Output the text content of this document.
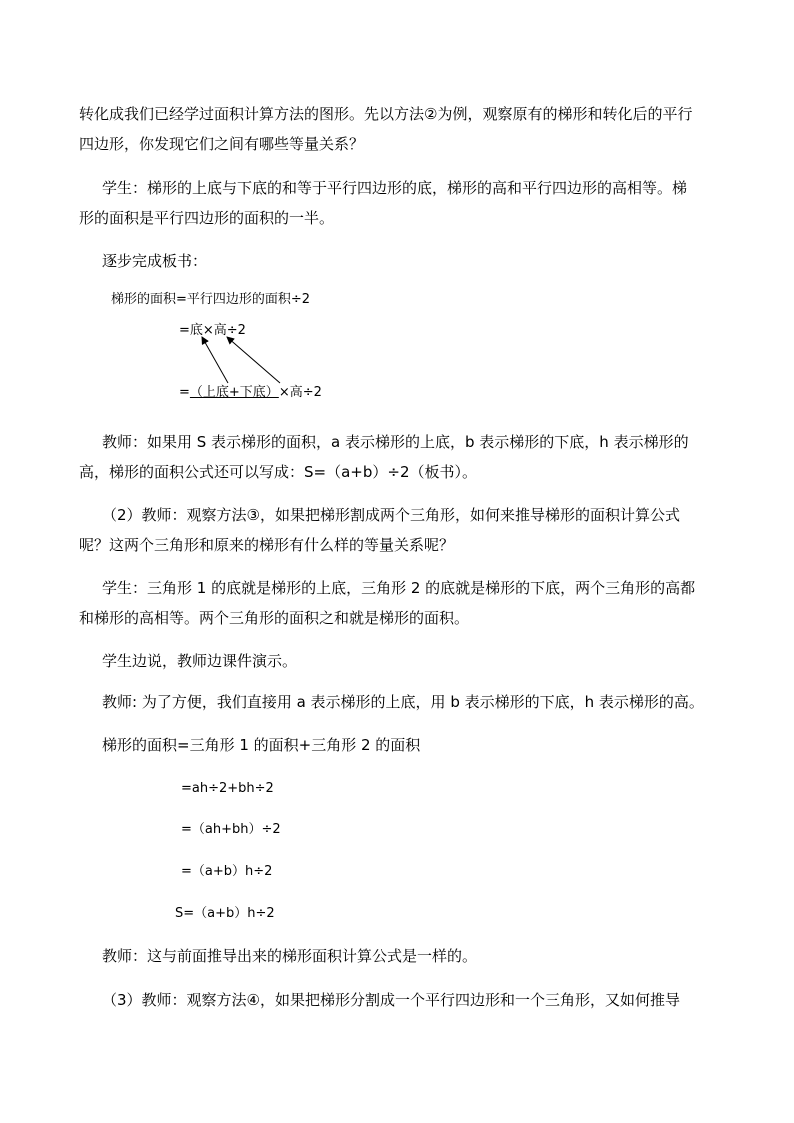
转化成我们已经学过面积计算方法的图形。先以方法②为例，观察原有的梯形和转化后的平行
四边形，你发现它们之间有哪些等量关系？
学生：梯形的上底与下底的和等于平行四边形的底，梯形的高和平行四边形的高相等。梯
形的面积是平行四边形的面积的一半。
逐步完成板书：
梯形的面积=平行四边形的面积÷2
=底×高÷2
=（上底+下底）×高÷2
教师：如果用 S 表示梯形的面积，a 表示梯形的上底，b 表示梯形的下底，h 表示梯形的
高，梯形的面积公式还可以写成：S=（a+b）÷2（板书）。
（2）教师：观察方法③，如果把梯形割成两个三角形，如何来推导梯形的面积计算公式
呢？这两个三角形和原来的梯形有什么样的等量关系呢？
学生：三角形 1 的底就是梯形的上底，三角形 2 的底就是梯形的下底，两个三角形的高都
和梯形的高相等。两个三角形的面积之和就是梯形的面积。
学生边说，教师边课件演示。
教师: 为了方便，我们直接用 a 表示梯形的上底，用 b 表示梯形的下底，h 表示梯形的高。
梯形的面积=三角形 1 的面积+三角形 2 的面积
=ah÷2+bh÷2
=（ah+bh）÷2
=（a+b）h÷2
S=（a+b）h÷2
教师：这与前面推导出来的梯形面积计算公式是一样的。
（3）教师：观察方法④，如果把梯形分割成一个平行四边形和一个三角形，又如何推导
